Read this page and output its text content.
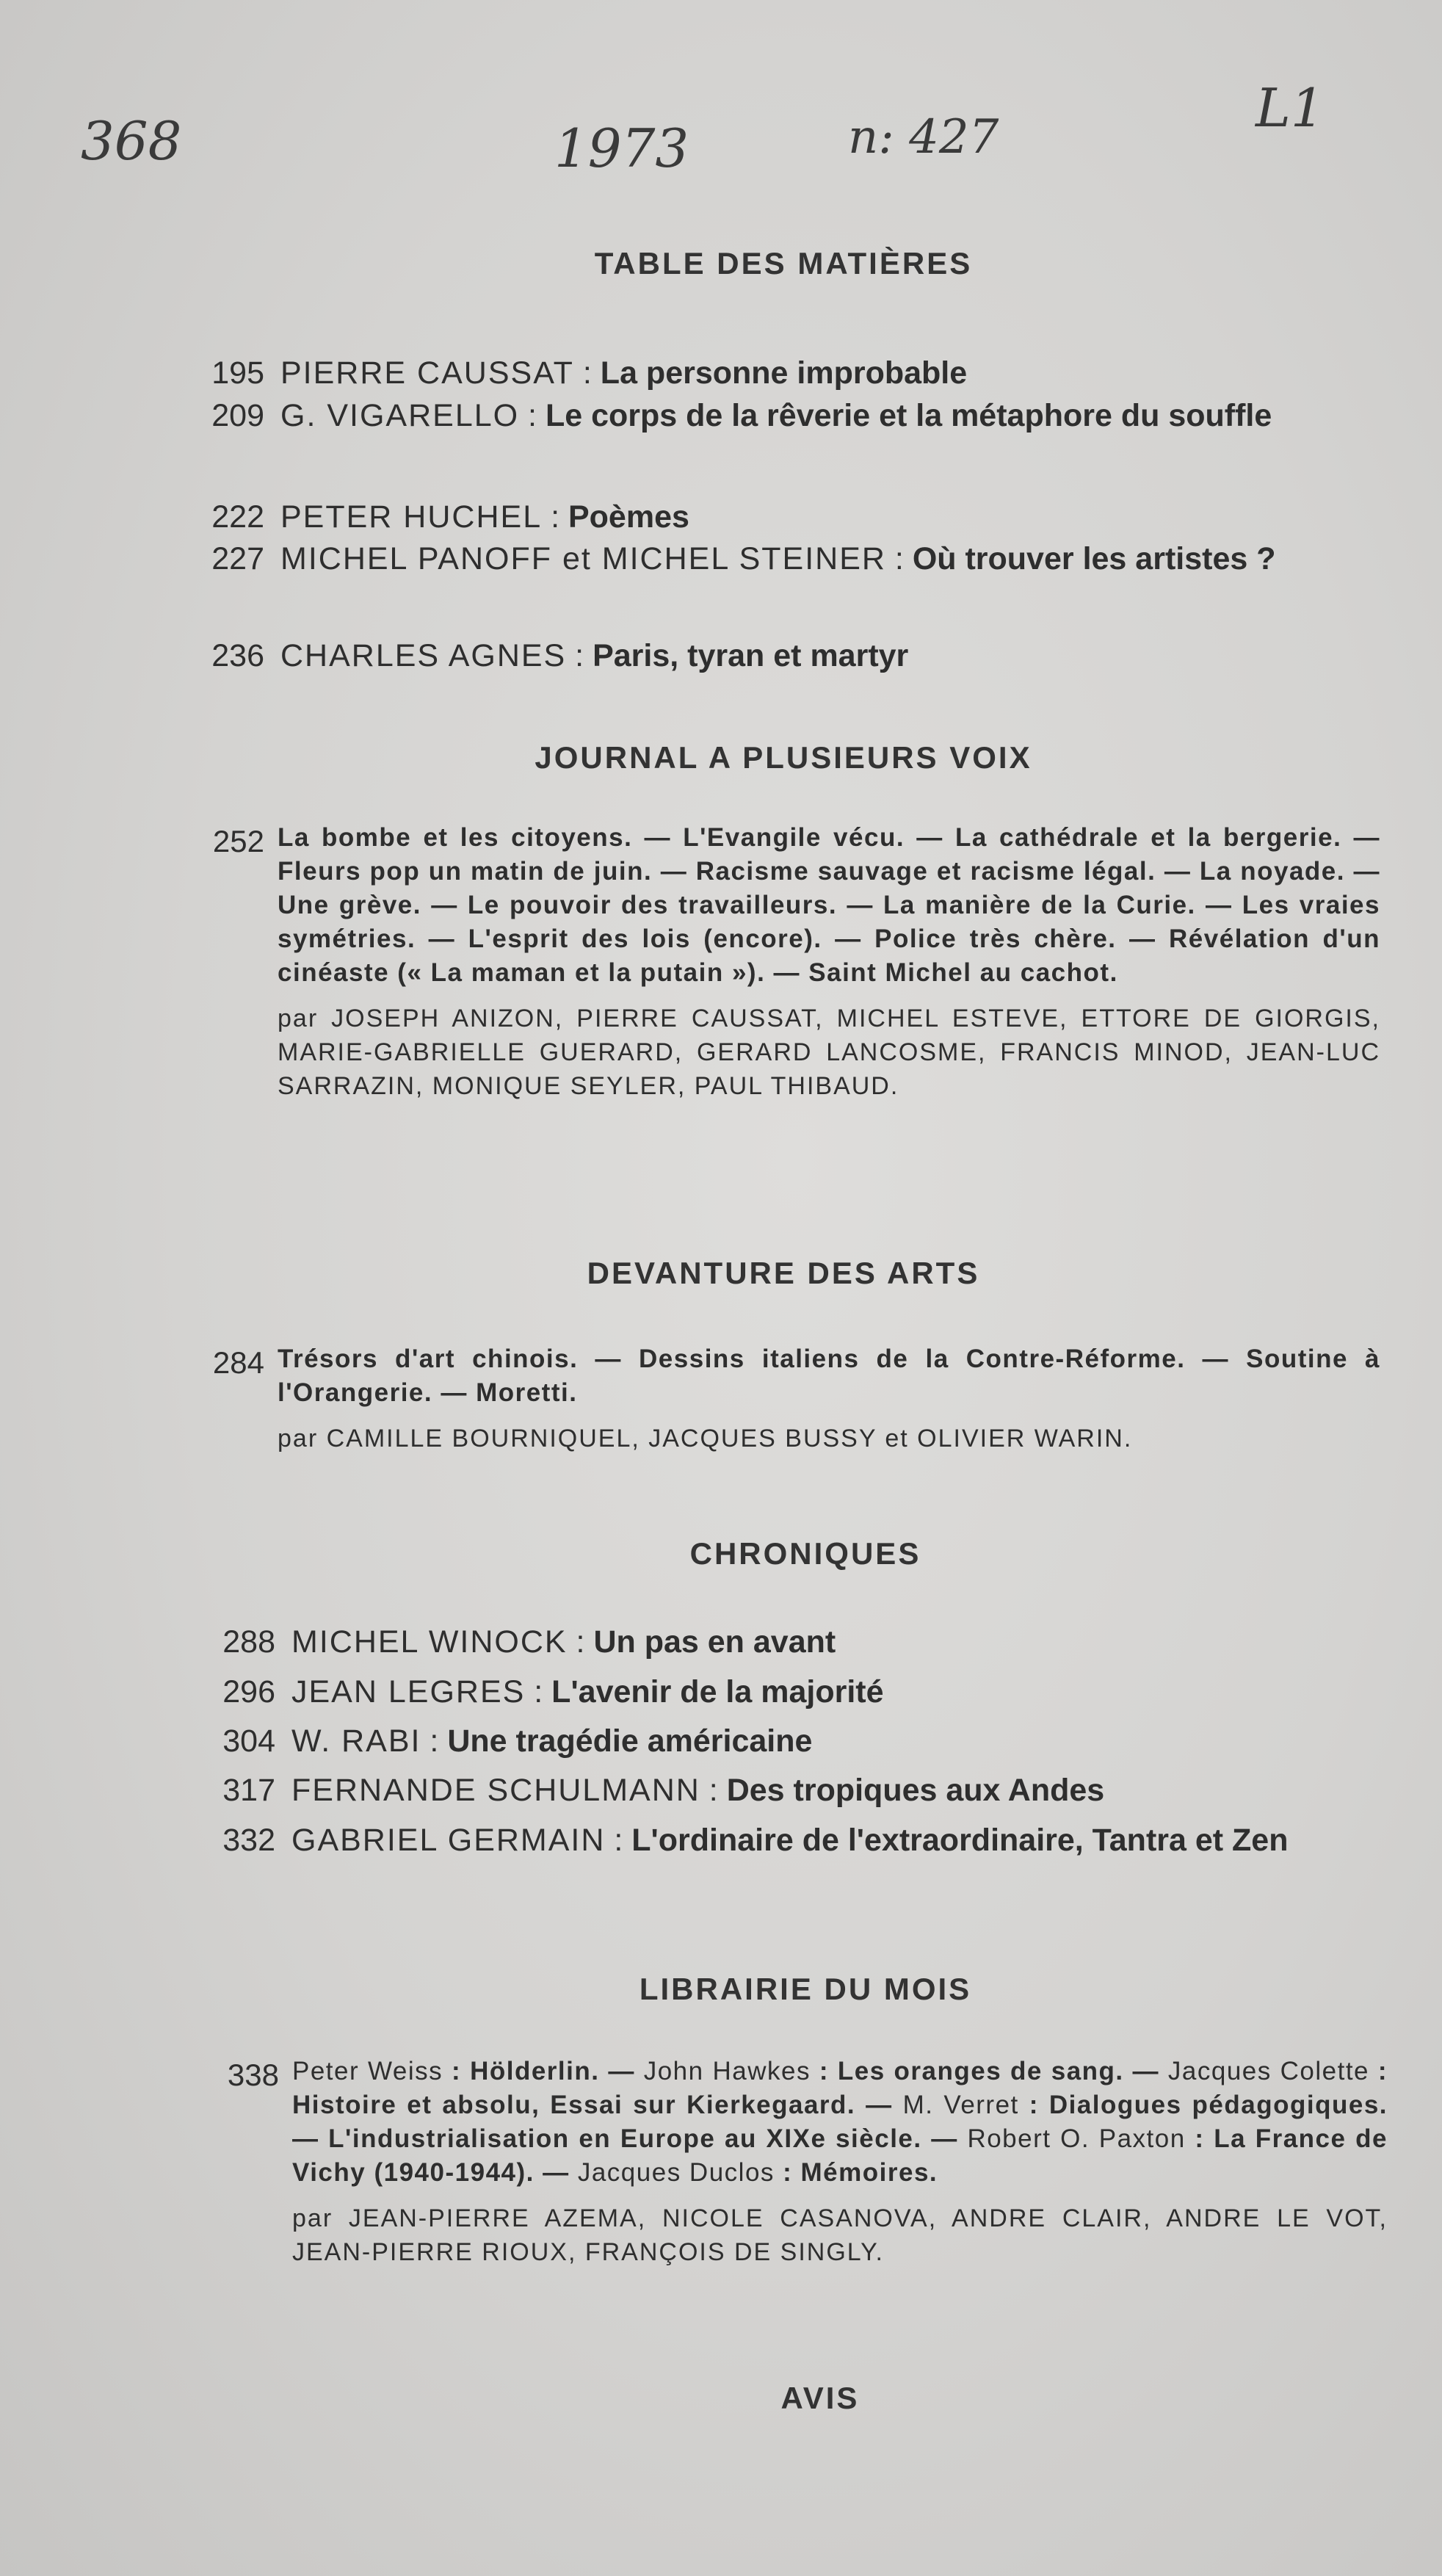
368	1973	n: 427	L1
TABLE DES MATIÈRES
195 PIERRE CAUSSAT : La personne improbable
209 G. VIGARELLO : Le corps de la rêverie et la métaphore du souffle
222 PETER HUCHEL : Poèmes
227 MICHEL PANOFF et MICHEL STEINER : Où trouver les artistes ?
236 CHARLES AGNES : Paris, tyran et martyr
JOURNAL A PLUSIEURS VOIX
252 La bombe et les citoyens. — L'Evangile vécu. — La cathédrale et la bergerie. — Fleurs pop un matin de juin. — Racisme sauvage et racisme légal. — La noyade. — Une grève. — Le pouvoir des travailleurs. — La manière de la Curie. — Les vraies symétries. — L'esprit des lois (encore). — Police très chère. — Révélation d'un cinéaste (« La maman et la putain »). — Saint Michel au cachot.
par JOSEPH ANIZON, PIERRE CAUSSAT, MICHEL ESTEVE, ETTORE DE GIORGIS, MARIE-GABRIELLE GUERARD, GERARD LANCOSME, FRANCIS MINOD, JEAN-LUC SARRAZIN, MONIQUE SEYLER, PAUL THIBAUD.
DEVANTURE DES ARTS
284 Trésors d'art chinois. — Dessins italiens de la Contre-Réforme. — Soutine à l'Orangerie. — Moretti.
par CAMILLE BOURNIQUEL, JACQUES BUSSY et OLIVIER WARIN.
CHRONIQUES
288 MICHEL WINOCK : Un pas en avant
296 JEAN LEGRES : L'avenir de la majorité
304 W. RABI : Une tragédie américaine
317 FERNANDE SCHULMANN : Des tropiques aux Andes
332 GABRIEL GERMAIN : L'ordinaire de l'extraordinaire, Tantra et Zen
LIBRAIRIE DU MOIS
338 Peter Weiss : Hölderlin. — John Hawkes : Les oranges de sang. — Jacques Colette : Histoire et absolu, Essai sur Kierkegaard. — M. Verret : Dialogues pédagogiques. — L'industrialisation en Europe au XIXe siècle. — Robert O. Paxton : La France de Vichy (1940-1944). — Jacques Duclos : Mémoires.
par JEAN-PIERRE AZEMA, NICOLE CASANOVA, ANDRE CLAIR, ANDRE LE VOT, JEAN-PIERRE RIOUX, FRANÇOIS DE SINGLY.
AVIS
